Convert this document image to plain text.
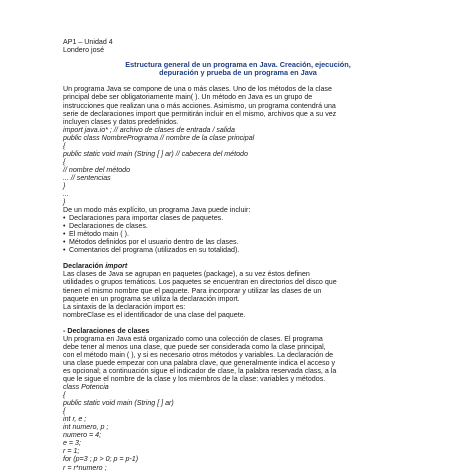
AP1 – Unidad 4
Londero josé
Estructura general de un programa en Java. Creación, ejecución,
depuración y prueba de un programa en Java
Un programa Java se compone de una o más clases. Uno de los métodos de la clase
principal debe ser obligatoriamente main( ). Un método en Java es un grupo de
instrucciones que realizan una o más acciones. Asimismo, un programa contendrá una
serie de declaraciones import que permitirán incluir en el mismo, archivos que a su vez
incluyen clases y datos predefinidos.
import java.io* ; // archivo de clases de entrada / salida
public class NombrePrograma // nombre de la clase principal
{
public static void main (String [ ] ar) // cabecera del método
{
// nombre del método
... // sentencias
}
...
}
De un modo más explícito, un programa Java puede incluir:
• Declaraciones para importar clases de paquetes.
• Declaraciones de clases.
• El método main ( ).
• Métodos definidos por el usuario dentro de las clases.
• Comentarios del programa (utilizados en su totalidad).
Declaración import
Las clases de Java se agrupan en paquetes (package), a su vez éstos definen
utilidades o grupos temáticos. Los paquetes se encuentran en directorios del disco que
tienen el mismo nombre que el paquete. Para incorporar y utilizar las clases de un
paquete en un programa se utiliza la declaración import.
La sintaxis de la declaración import es:
nombreClase es el identificador de una clase del paquete.
- Declaraciones de clases
Un programa en Java está organizado como una colección de clases. El programa
debe tener al menos una clase, que puede ser considerada como la clase principal,
con el método main ( ), y si es necesario otros métodos y variables. La declaración de
una clase puede empezar con una palabra clave, que generalmente indica el acceso y
es opcional; a continuación sigue el indicador de clase, la palabra reservada class, a la
que le sigue el nombre de la clase y los miembros de la clase: variables y métodos.
class Potencia
{
public static void main (String [ ] ar)
{
int r, e ;
int numero, p ;
numero = 4;
e = 3;
r = 1;
for (p=3 ; p > 0; p = p-1)
r = r*numero ;
